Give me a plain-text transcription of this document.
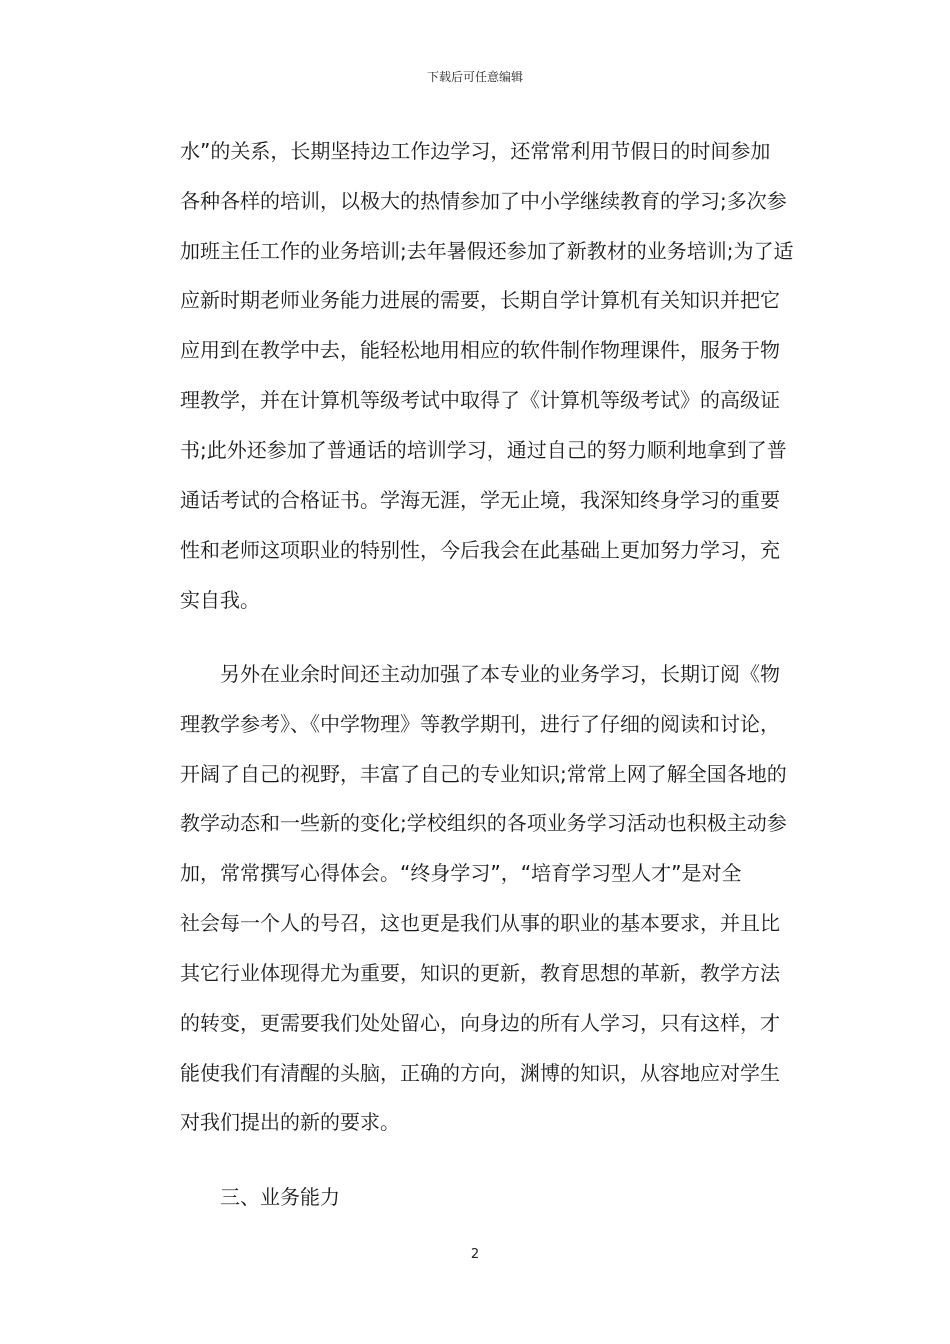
下载后可任意编辑
水”的关系，长期坚持边工作边学习，还常常利用节假日的时间参加
各种各样的培训，以极大的热情参加了中小学继续教育的学习;多次参
加班主任工作的业务培训;去年暑假还参加了新教材的业务培训;为了适
应新时期老师业务能力进展的需要，长期自学计算机有关知识并把它
应用到在教学中去，能轻松地用相应的软件制作物理课件，服务于物
理教学，并在计算机等级考试中取得了《计算机等级考试》的高级证
书;此外还参加了普通话的培训学习，通过自己的努力顺利地拿到了普
通话考试的合格证书。学海无涯，学无止境，我深知终身学习的重要
性和老师这项职业的特别性，今后我会在此基础上更加努力学习，充
实自我。
另外在业余时间还主动加强了本专业的业务学习，长期订阅《物
理教学参考》、《中学物理》等教学期刊，进行了仔细的阅读和讨论，
开阔了自己的视野，丰富了自己的专业知识;常常上网了解全国各地的
教学动态和一些新的变化;学校组织的各项业务学习活动也积极主动参
加，常常撰写心得体会。“终身学习”，“培育学习型人才”是对全
社会每一个人的号召，这也更是我们从事的职业的基本要求，并且比
其它行业体现得尤为重要，知识的更新，教育思想的革新，教学方法
的转变，更需要我们处处留心，向身边的所有人学习，只有这样，才
能使我们有清醒的头脑，正确的方向，渊博的知识，从容地应对学生
对我们提出的新的要求。
三、业务能力
2
